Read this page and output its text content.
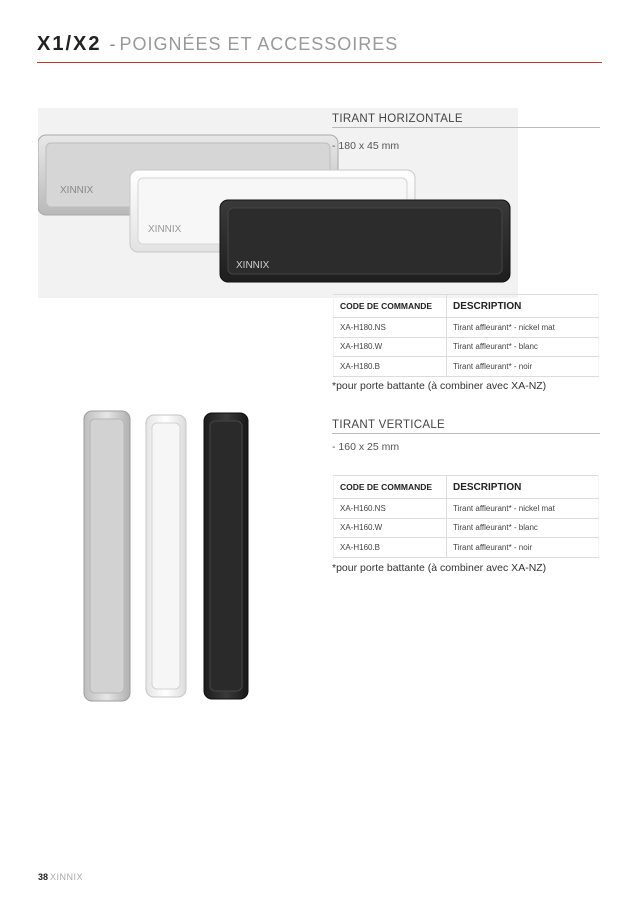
X1/X2 - POIGNÉES ET ACCESSOIRES
XINNIX
XINNIX
XINNIX
TIRANT HORIZONTALE
- 180 x 45 mm
CODE DE COMMANDE	DESCRIPTION
XA-H180.NS	Tirant affleurant* - nickel mat
XA-H180.W	Tirant affleurant* - blanc
XA-H180.B	Tirant affleurant* - noir
*pour porte battante (à combiner avec XA-NZ)
TIRANT VERTICALE
- 160 x 25 mm
CODE DE COMMANDE	DESCRIPTION
XA-H160.NS	Tirant affleurant* - nickel mat
XA-H160.W	Tirant affleurant* - blanc
XA-H160.B	Tirant affleurant* - noir
*pour porte battante (à combiner avec XA-NZ)
38 XINNIX
